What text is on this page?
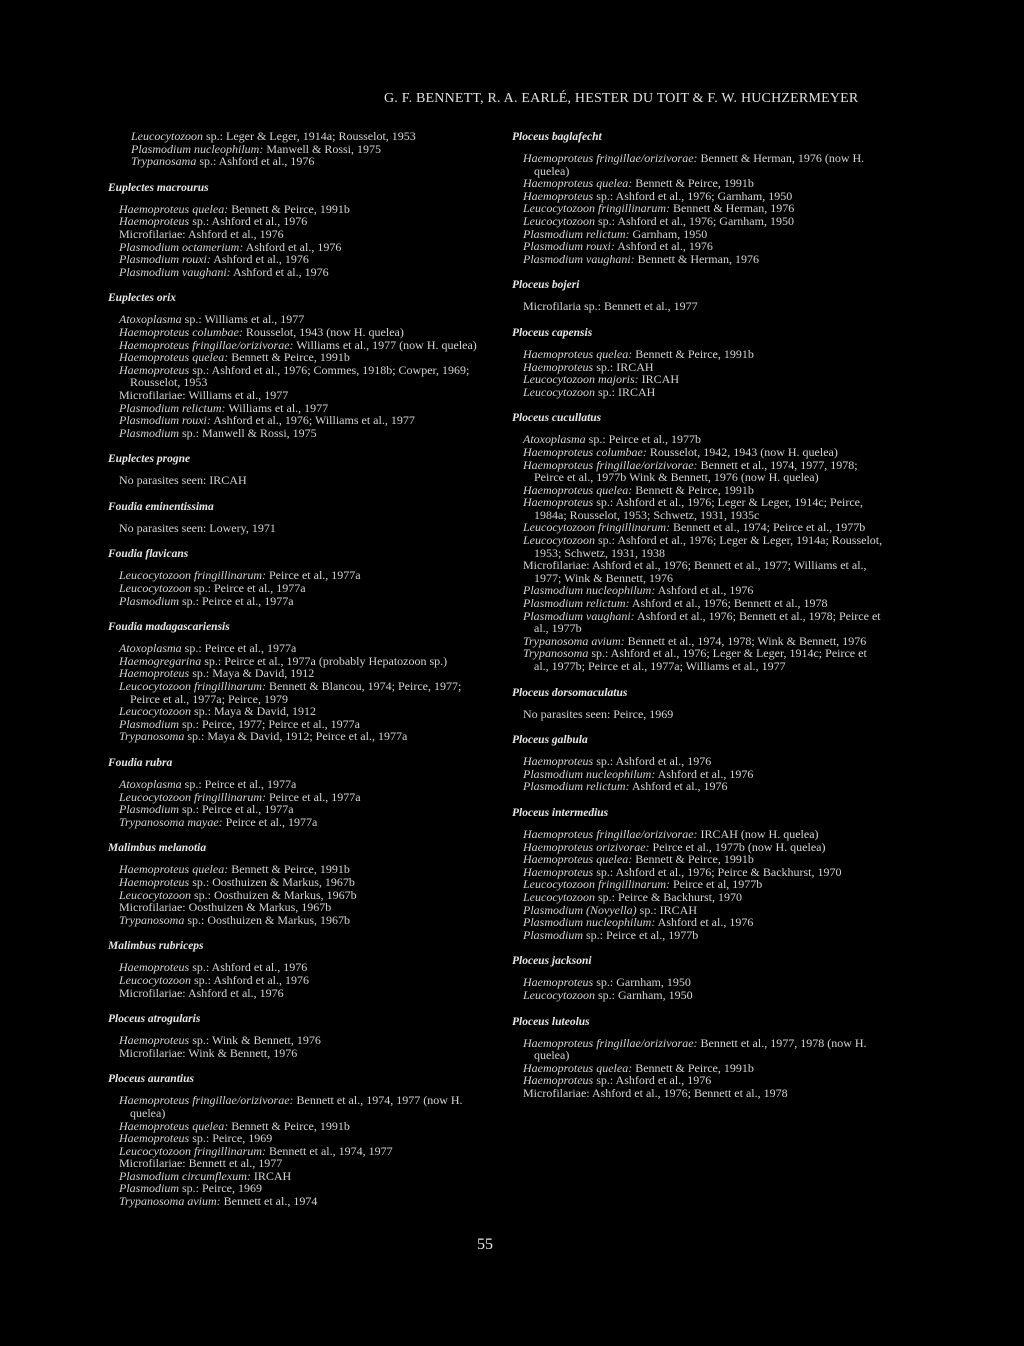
G. F. BENNETT, R. A. EARLÉ, HESTER DU TOIT & F. W. HUCHZERMEYER
Leucocytozoon sp.: Leger & Leger, 1914a; Rousselot, 1953
Plasmodium nucleophilum: Manwell & Rossi, 1975
Trypanosama sp.: Ashford et al., 1976
Euplectes macrourus
Haemoproteus quelea: Bennett & Peirce, 1991b
Haemoproteus sp.: Ashford et al., 1976
Microfilariae: Ashford et al., 1976
Plasmodium octamerium: Ashford et al., 1976
Plasmodium rouxi: Ashford et al., 1976
Plasmodium vaughani: Ashford et al., 1976
Euplectes orix
Atoxoplasma sp.: Williams et al., 1977
Haemoproteus columbae: Rousselot, 1943 (now H. quelea)
Haemoproteus fringillae/orizivorae: Williams et al., 1977 (now H. quelea)
Haemoproteus quelea: Bennett & Peirce, 1991b
Haemoproteus sp.: Ashford et al., 1976; Commes, 1918b; Cowper, 1969; Rousselot, 1953
Microfilariae: Williams et al., 1977
Plasmodium relictum: Williams et al., 1977
Plasmodium rouxi: Ashford et al., 1976; Williams et al., 1977
Plasmodium sp.: Manwell & Rossi, 1975
Euplectes progne
No parasites seen: IRCAH
Foudia eminentissima
No parasites seen: Lowery, 1971
Foudia flavicans
Leucocytozoon fringillinarum: Peirce et al., 1977a
Leucocytozoon sp.: Peirce et al., 1977a
Plasmodium sp.: Peirce et al., 1977a
Foudia madagascariensis
Atoxoplasma sp.: Peirce et al., 1977a
Haemogregarina sp.: Peirce et al., 1977a (probably Hepatozoon sp.)
Haemoproteus sp.: Maya & David, 1912
Leucocytozoon fringillinarum: Bennett & Blancou, 1974; Peirce, 1977; Peirce et al., 1977a; Peirce, 1979
Leucocytozoon sp.: Maya & David, 1912
Plasmodium sp.: Peirce, 1977; Peirce et al., 1977a
Trypanosoma sp.: Maya & David, 1912; Peirce et al., 1977a
Foudia rubra
Atoxoplasma sp.: Peirce et al., 1977a
Leucocytozoon fringillinarum: Peirce et al., 1977a
Plasmodium sp.: Peirce et al., 1977a
Trypanosoma mayae: Peirce et al., 1977a
Malimbus melanotia
Haemoproteus quelea: Bennett & Peirce, 1991b
Haemoproteus sp.: Oosthuizen & Markus, 1967b
Leucocytozoon sp.: Oosthuizen & Markus, 1967b
Microfilariae: Oosthuizen & Markus, 1967b
Trypanosoma sp.: Oosthuizen & Markus, 1967b
Malimbus rubriceps
Haemoproteus sp.: Ashford et al., 1976
Leucocytozoon sp.: Ashford et al., 1976
Microfilariae: Ashford et al., 1976
Ploceus atrogularis
Haemoproteus sp.: Wink & Bennett, 1976
Microfilariae: Wink & Bennett, 1976
Ploceus aurantius
Haemoproteus fringillae/orizivorae: Bennett et al., 1974, 1977 (now H. quelea)
Haemoproteus quelea: Bennett & Peirce, 1991b
Haemoproteus sp.: Peirce, 1969
Leucocytozoon fringillinarum: Bennett et al., 1974, 1977
Microfilariae: Bennett et al., 1977
Plasmodium circumflexum: IRCAH
Plasmodium sp.: Peirce, 1969
Trypanosoma avium: Bennett et al., 1974
Ploceus baglafecht
Haemoproteus fringillae/orizivorae: Bennett & Herman, 1976 (now H. quelea)
Haemoproteus quelea: Bennett & Peirce, 1991b
Haemoproteus sp.: Ashford et al., 1976; Garnham, 1950
Leucocytozoon fringillinarum: Bennett & Herman, 1976
Leucocytozoon sp.: Ashford et al., 1976; Garnham, 1950
Plasmodium relictum: Garnham, 1950
Plasmodium rouxi: Ashford et al., 1976
Plasmodium vaughani: Bennett & Herman, 1976
Ploceus bojeri
Microfilaria sp.: Bennett et al., 1977
Ploceus capensis
Haemoproteus quelea: Bennett & Peirce, 1991b
Haemoproteus sp.: IRCAH
Leucocytozoon majoris: IRCAH
Leucocytozoon sp.: IRCAH
Ploceus cucullatus
Atoxoplasma sp.: Peirce et al., 1977b
Haemoproteus columbae: Rousselot, 1942, 1943 (now H. quelea)
Haemoproteus fringillae/orizivorae: Bennett et al., 1974, 1977, 1978; Peirce et al., 1977b Wink & Bennett, 1976 (now H. quelea)
Haemoproteus quelea: Bennett & Peirce, 1991b
Haemoproteus sp.: Ashford et al., 1976; Leger & Leger, 1914c; Peirce, 1984a; Rousselot, 1953; Schwetz, 1931, 1935c
Leucocytozoon fringillinarum: Bennett et al., 1974; Peirce et al., 1977b
Leucocytozoon sp.: Ashford et al., 1976; Leger & Leger, 1914a; Rousselot, 1953; Schwetz, 1931, 1938
Microfilariae: Ashford et al., 1976; Bennett et al., 1977; Williams et al., 1977; Wink & Bennett, 1976
Plasmodium nucleophilum: Ashford et al., 1976
Plasmodium relictum: Ashford et al., 1976; Bennett et al., 1978
Plasmodium vaughani: Ashford et al., 1976; Bennett et al., 1978; Peirce et al., 1977b
Trypanosoma avium: Bennett et al., 1974, 1978; Wink & Bennett, 1976
Trypanosoma sp.: Ashford et al., 1976; Leger & Leger, 1914c; Peirce et al., 1977b; Peirce et al., 1977a; Williams et al., 1977
Ploceus dorsomaculatus
No parasites seen: Peirce, 1969
Ploceus galbula
Haemoproteus sp.: Ashford et al., 1976
Plasmodium nucleophilum: Ashford et al., 1976
Plasmodium relictum: Ashford et al., 1976
Ploceus intermedius
Haemoproteus fringillae/orizivorae: IRCAH (now H. quelea)
Haemoproteus orizivorae: Peirce et al., 1977b (now H. quelea)
Haemoproteus quelea: Bennett & Peirce, 1991b
Haemoproteus sp.: Ashford et al., 1976; Peirce & Backhurst, 1970
Leucocytozoon fringillinarum: Peirce et al, 1977b
Leucocytozoon sp.: Peirce & Backhurst, 1970
Plasmodium (Novyella) sp.: IRCAH
Plasmodium nucleophilum: Ashford et al., 1976
Plasmodium sp.: Peirce et al., 1977b
Ploceus jacksoni
Haemoproteus sp.: Garnham, 1950
Leucocytozoon sp.: Garnham, 1950
Ploceus luteolus
Haemoproteus fringillae/orizivorae: Bennett et al., 1977, 1978 (now H. quelea)
Haemoproteus quelea: Bennett & Peirce, 1991b
Haemoproteus sp.: Ashford et al., 1976
Microfilariae: Ashford et al., 1976; Bennett et al., 1978
55
